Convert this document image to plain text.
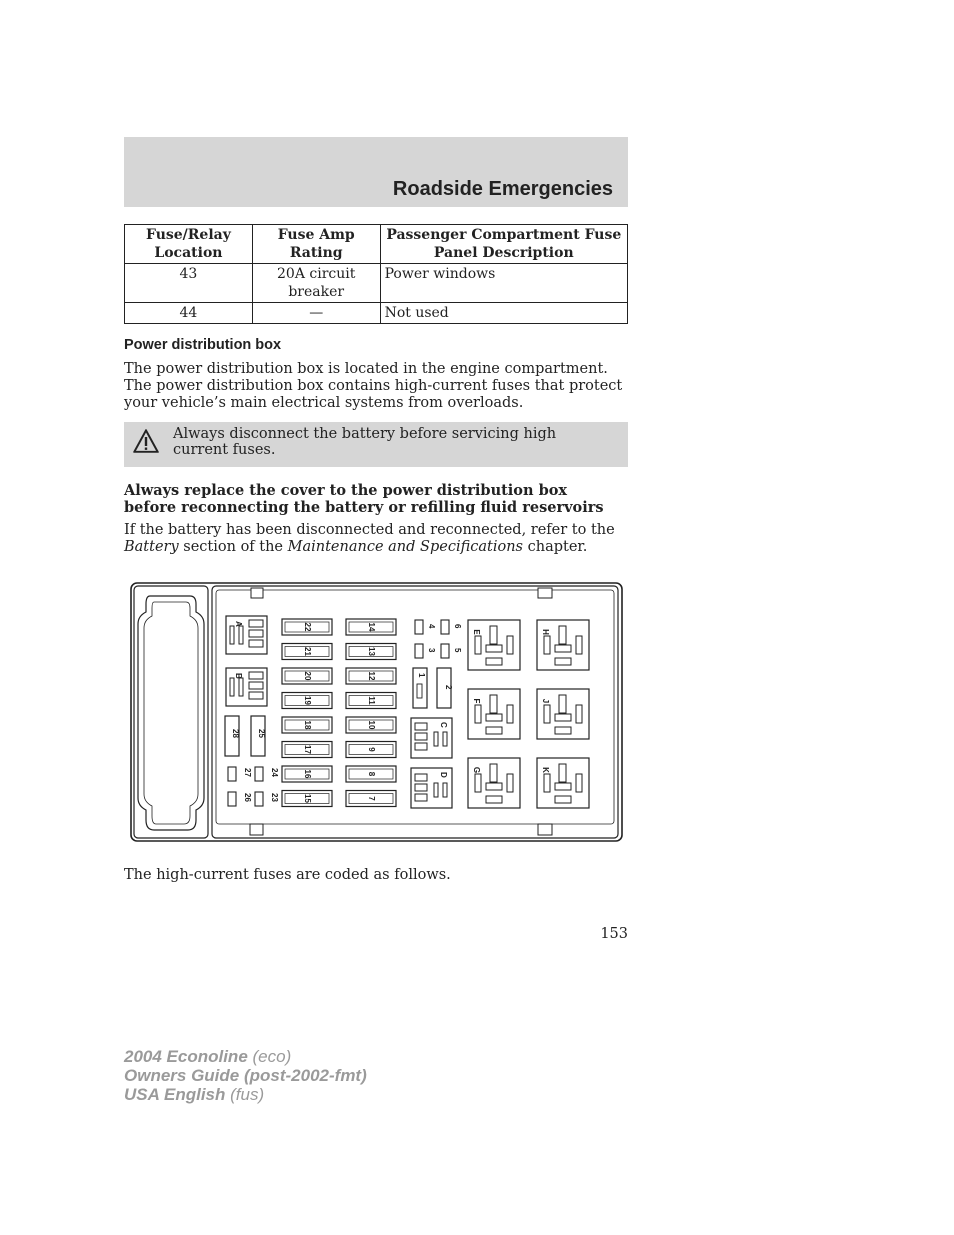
Roadside Emergencies
Fuse/Relay Location	Fuse Amp Rating	Passenger Compartment Fuse Panel Description
43	20A circuit breaker	Power windows
44	—	Not used
Power distribution box

The power distribution box is located in the engine compartment. The power distribution box contains high-current fuses that protect your vehicle’s main electrical systems from overloads.

Always disconnect the battery before servicing high current fuses.

Always replace the cover to the power distribution box before reconnecting the battery or refilling fluid reservoirs

If the battery has been disconnected and reconnected, refer to the Battery section of the Maintenance and Specifications chapter.

A
B
28 25
27 24
26 23
22
21
20
19
18
17
16
15
14
13
12
11
10
9
8
7
4 6
3 5
1
2
C
D
E	H
F	J
G	K

The high-current fuses are coded as follows.

153

2004 Econoline (eco)
Owners Guide (post-2002-fmt)
USA English (fus)
